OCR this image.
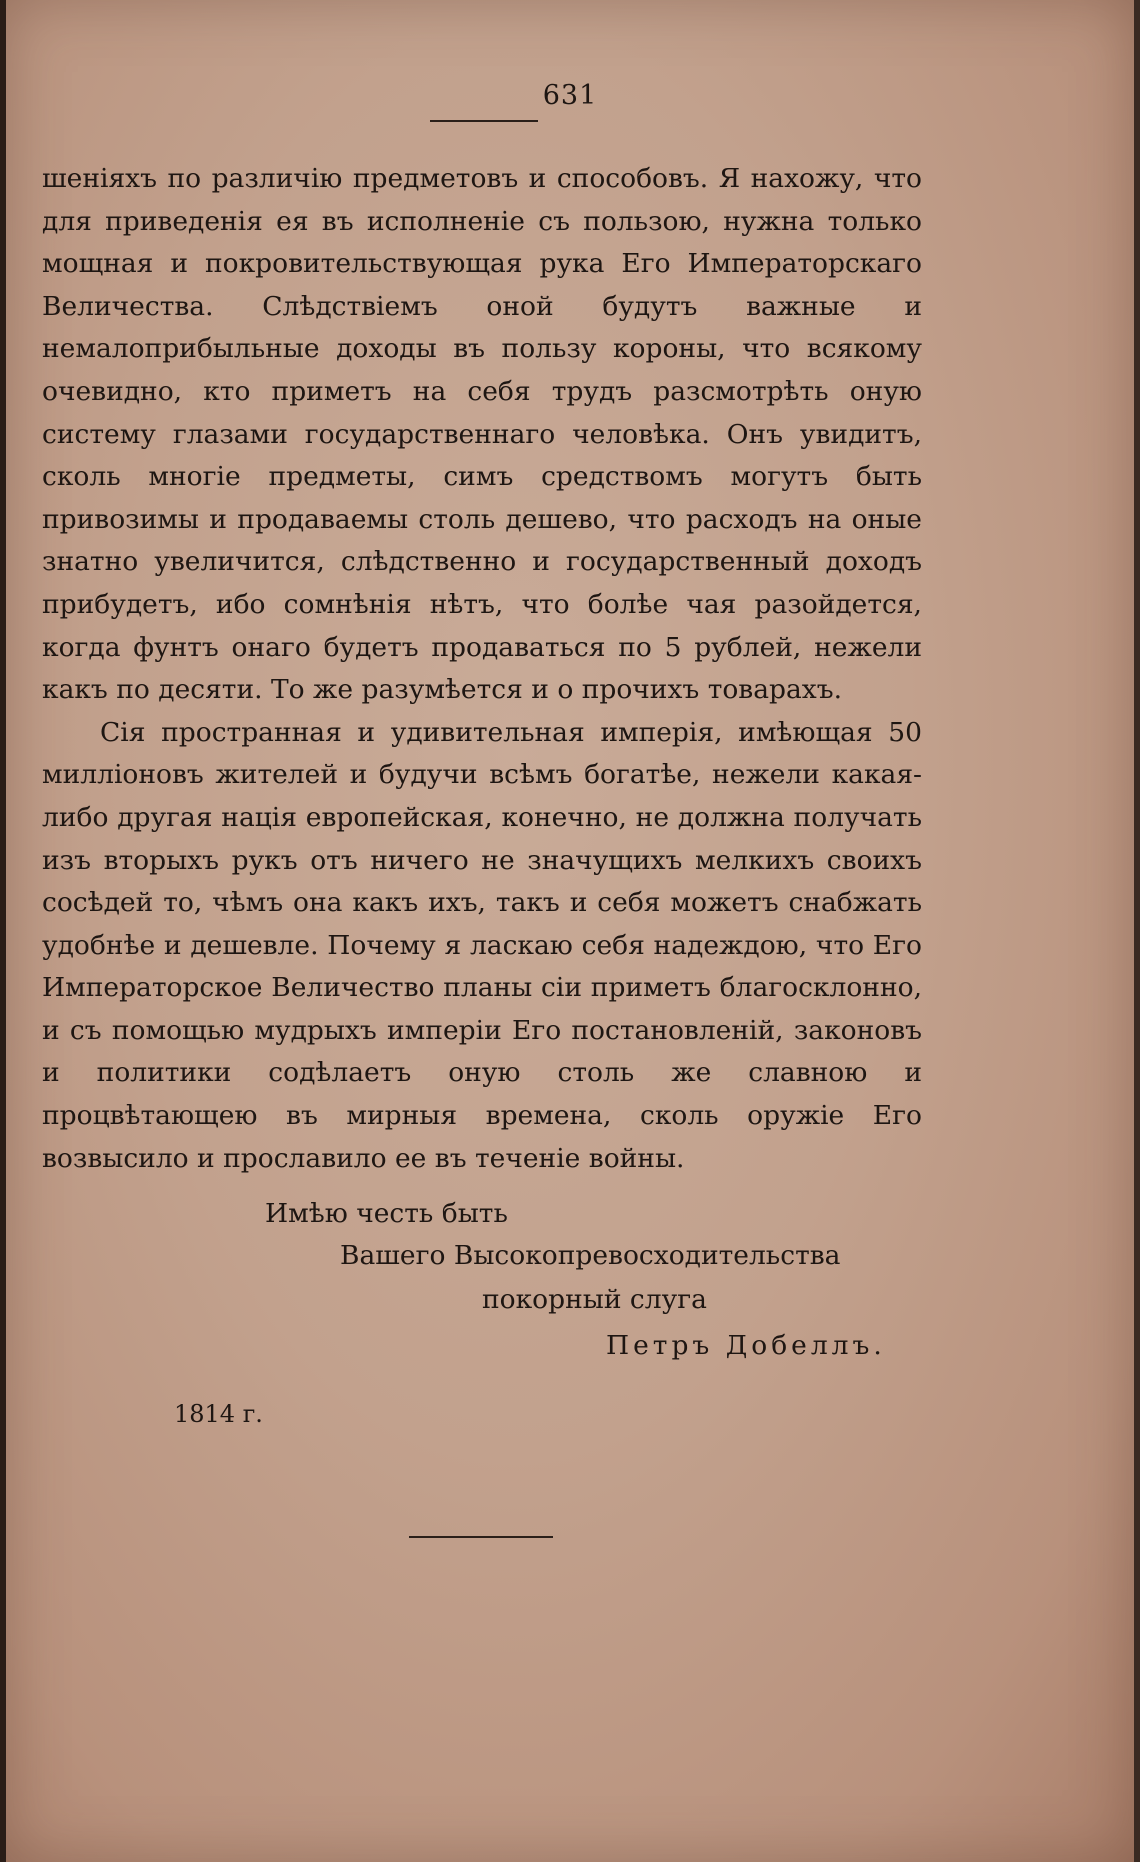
631

шеніяхъ по различію предметовъ и способовъ. Я нахожу, что для приведенія ея въ исполненіе съ пользою, нужна только мощная и покровительствующая рука Его Императорскаго Величества. Слѣдствіемъ оной будутъ важные и немалоприбыльные доходы въ пользу короны, что всякому очевидно, кто приметъ на себя трудъ разсмотрѣть оную систему глазами государственнаго человѣка. Онъ увидитъ, сколь многіе предметы, симъ средствомъ могутъ быть привозимы и продаваемы столь дешево, что расходъ на оные знатно увеличится, слѣдственно и государственный доходъ прибудетъ, ибо сомнѣнія нѣтъ, что болѣе чая разойдется, когда фунтъ онаго будетъ продаваться по 5 рублей, нежели какъ по десяти. То же разумѣется и о прочихъ товарахъ.

Сія пространная и удивительная имперія, имѣющая 50 милліоновъ жителей и будучи всѣмъ богатѣе, нежели какая-либо другая нація европейская, конечно, не должна получать изъ вторыхъ рукъ отъ ничего не значущихъ мелкихъ своихъ сосѣдей то, чѣмъ она какъ ихъ, такъ и себя можетъ снабжать удобнѣе и дешевле. Почему я ласкаю себя надеждою, что Его Императорское Величество планы сіи приметъ благосклонно, и съ помощью мудрыхъ имперіи Его постановленій, законовъ и политики содѣлаетъ оную столь же славною и процвѣтающею въ мирныя времена, сколь оружіе Его возвысило и прославило ее въ теченіе войны.

Имѣю честь быть
Вашего Высокопревосходительства
покорный слуга
Петръ Добеллъ.
1814 г.
